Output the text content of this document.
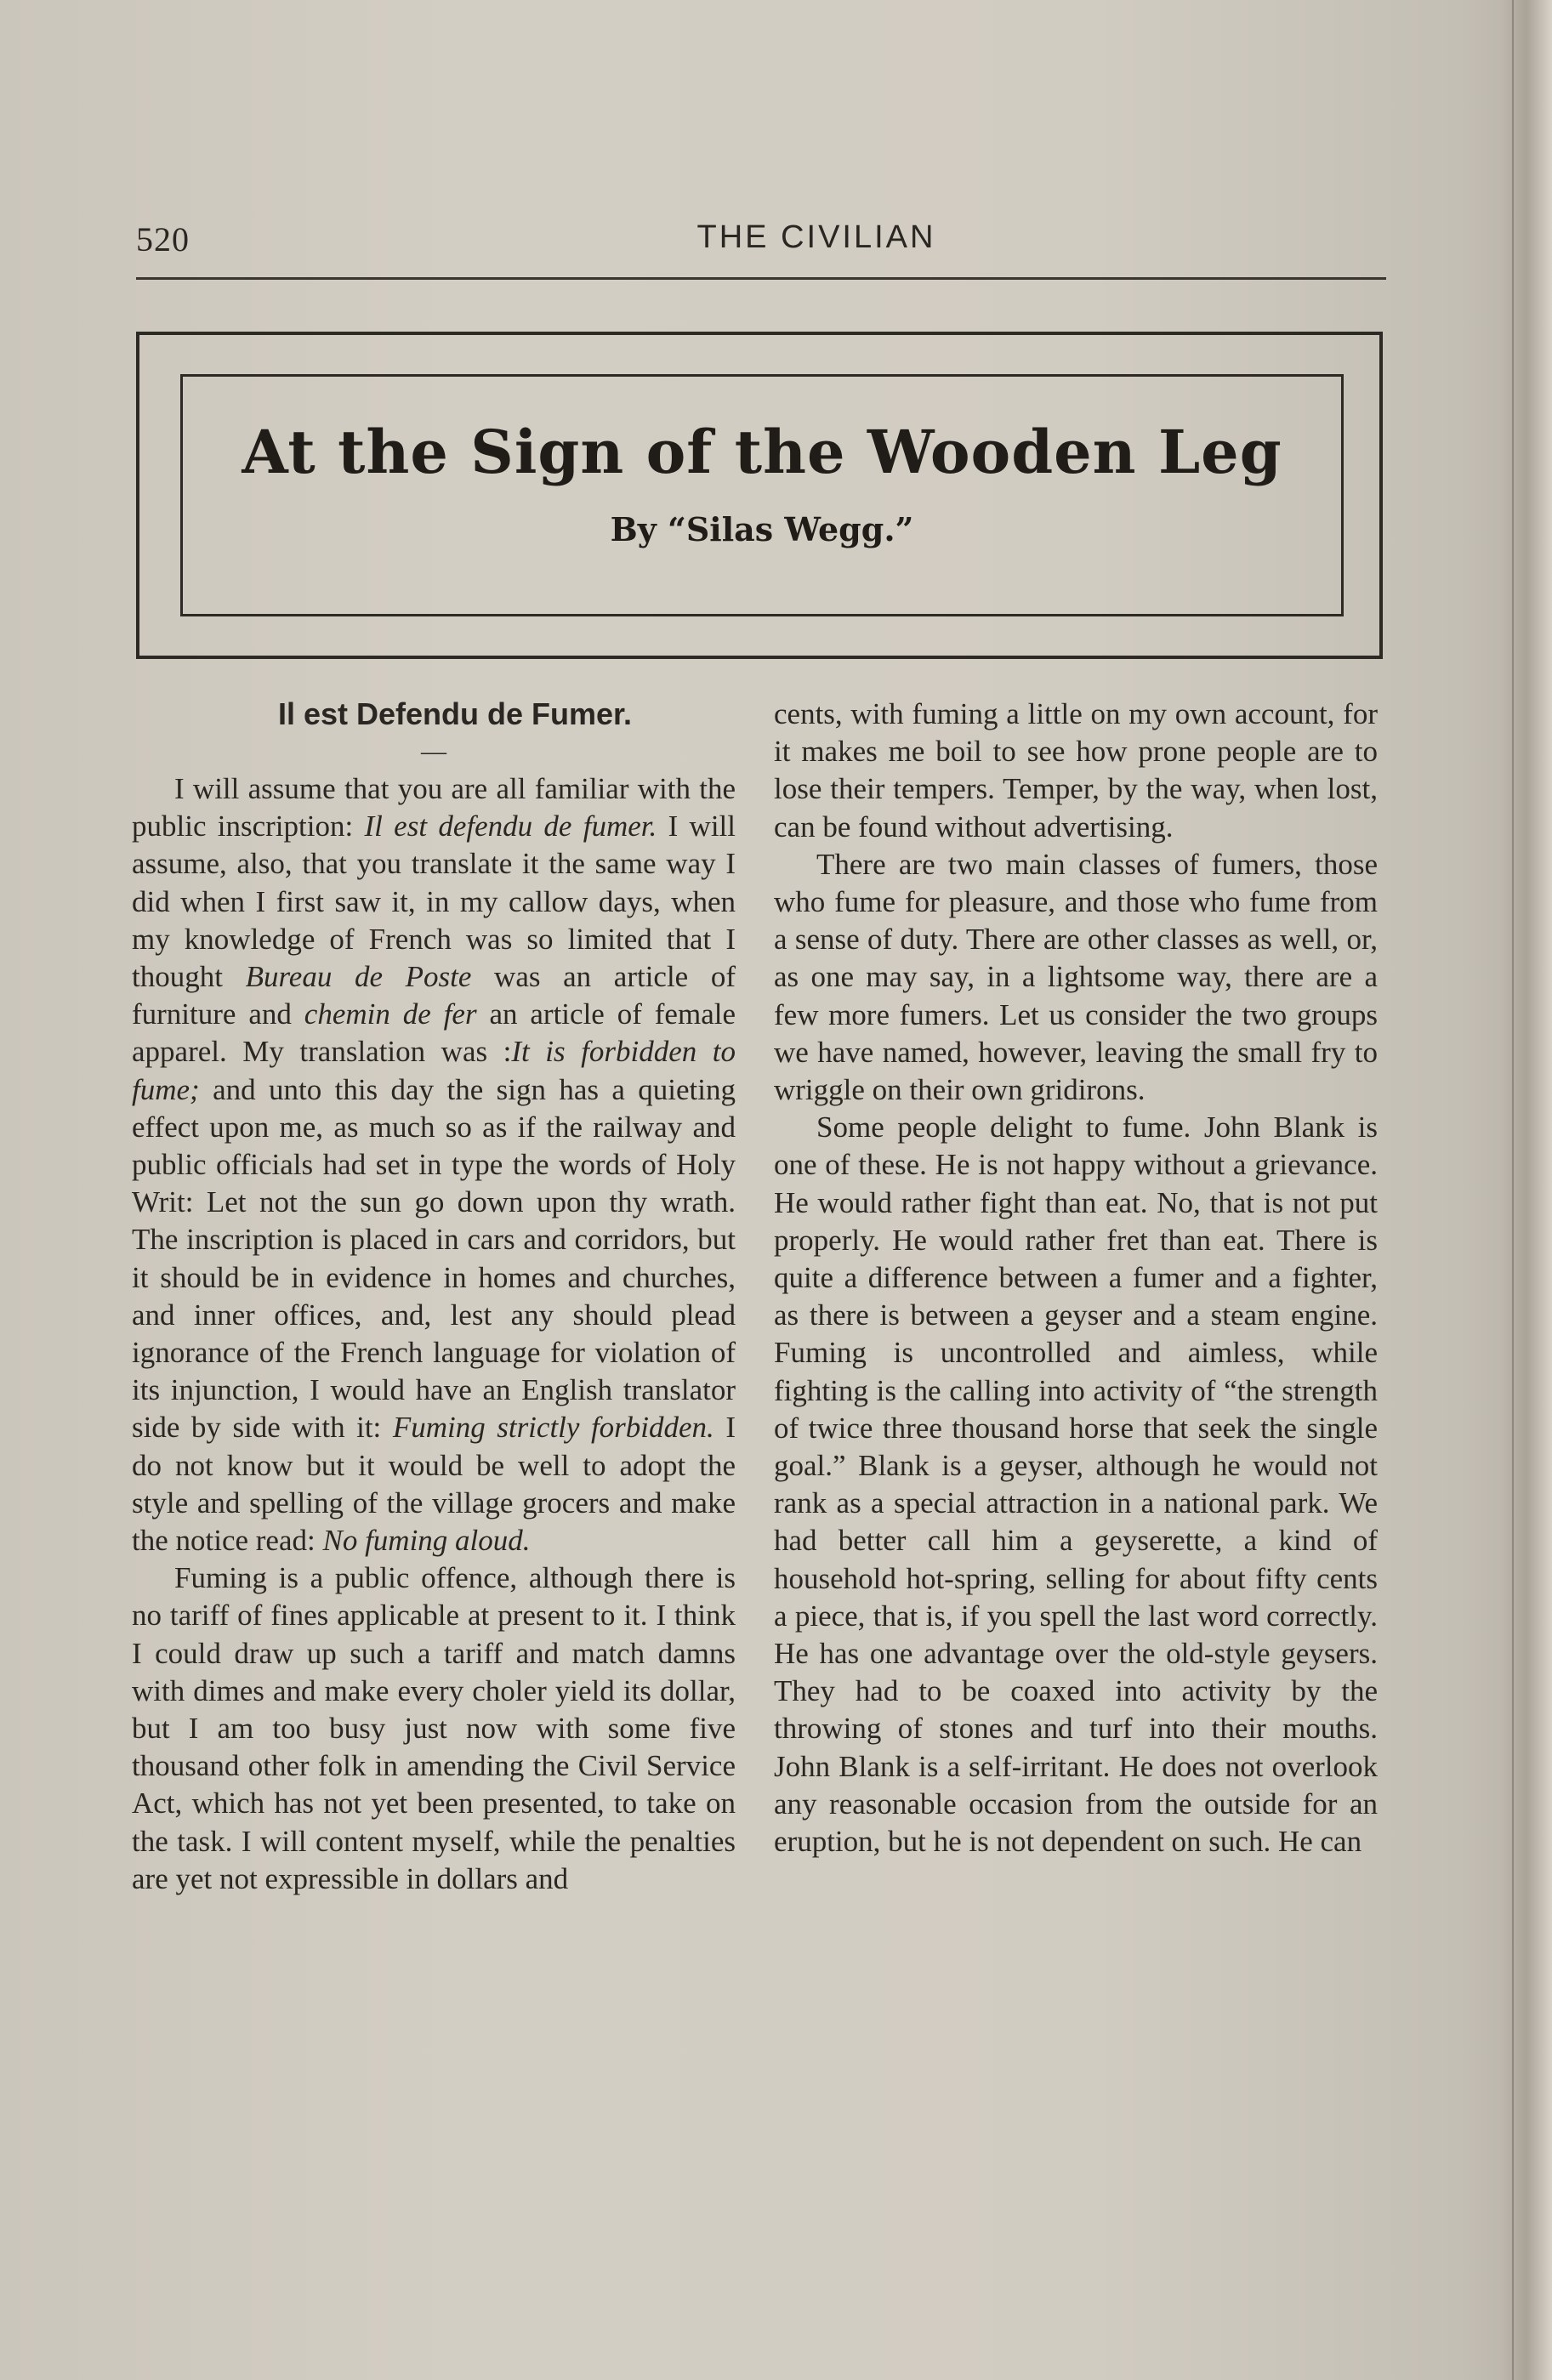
520	THE CIVILIAN
At the Sign of the Wooden Leg
By “Silas Wegg.”

Il est Defendu de Fumer.

—

I will assume that you are all familiar with the public inscription: Il est defendu de fumer. I will assume, also, that you translate it the same way I did when I first saw it, in my callow days, when my knowledge of French was so limited that I thought Bureau de Poste was an article of furniture and chemin de fer an article of female apparel. My translation was :It is forbidden to fume; and unto this day the sign has a quieting effect upon me, as much so as if the railway and public officials had set in type the words of Holy Writ: Let not the sun go down upon thy wrath. The inscription is placed in cars and corridors, but it should be in evidence in homes and churches, and inner offices, and, lest any should plead ignorance of the French language for violation of its injunction, I would have an English translator side by side with it: Fuming strictly forbidden. I do not know but it would be well to adopt the style and spelling of the village grocers and make the notice read: No fuming aloud.

Fuming is a public offence, although there is no tariff of fines applicable at present to it. I think I could draw up such a tariff and match damns with dimes and make every choler yield its dollar, but I am too busy just now with some five thousand other folk in amending the Civil Service Act, which has not yet been presented, to take on the task. I will content myself, while the penalties are yet not expressible in dollars and

cents, with fuming a little on my own account, for it makes me boil to see how prone people are to lose their tempers. Temper, by the way, when lost, can be found without advertising.

There are two main classes of fumers, those who fume for pleasure, and those who fume from a sense of duty. There are other classes as well, or, as one may say, in a lightsome way, there are a few more fumers. Let us consider the two groups we have named, however, leaving the small fry to wriggle on their own gridirons.

Some people delight to fume. John Blank is one of these. He is not happy without a grievance. He would rather fight than eat. No, that is not put properly. He would rather fret than eat. There is quite a difference between a fumer and a fighter, as there is between a geyser and a steam engine. Fuming is uncontrolled and aimless, while fighting is the calling into activity of “the strength of twice three thousand horse that seek the single goal.” Blank is a geyser, although he would not rank as a special attraction in a national park. We had better call him a geyserette, a kind of household hot-spring, selling for about fifty cents a piece, that is, if you spell the last word correctly. He has one advantage over the old-style geysers. They had to be coaxed into activity by the throwing of stones and turf into their mouths. John Blank is a self-irritant. He does not overlook any reasonable occasion from the outside for an eruption, but he is not dependent on such. He can
